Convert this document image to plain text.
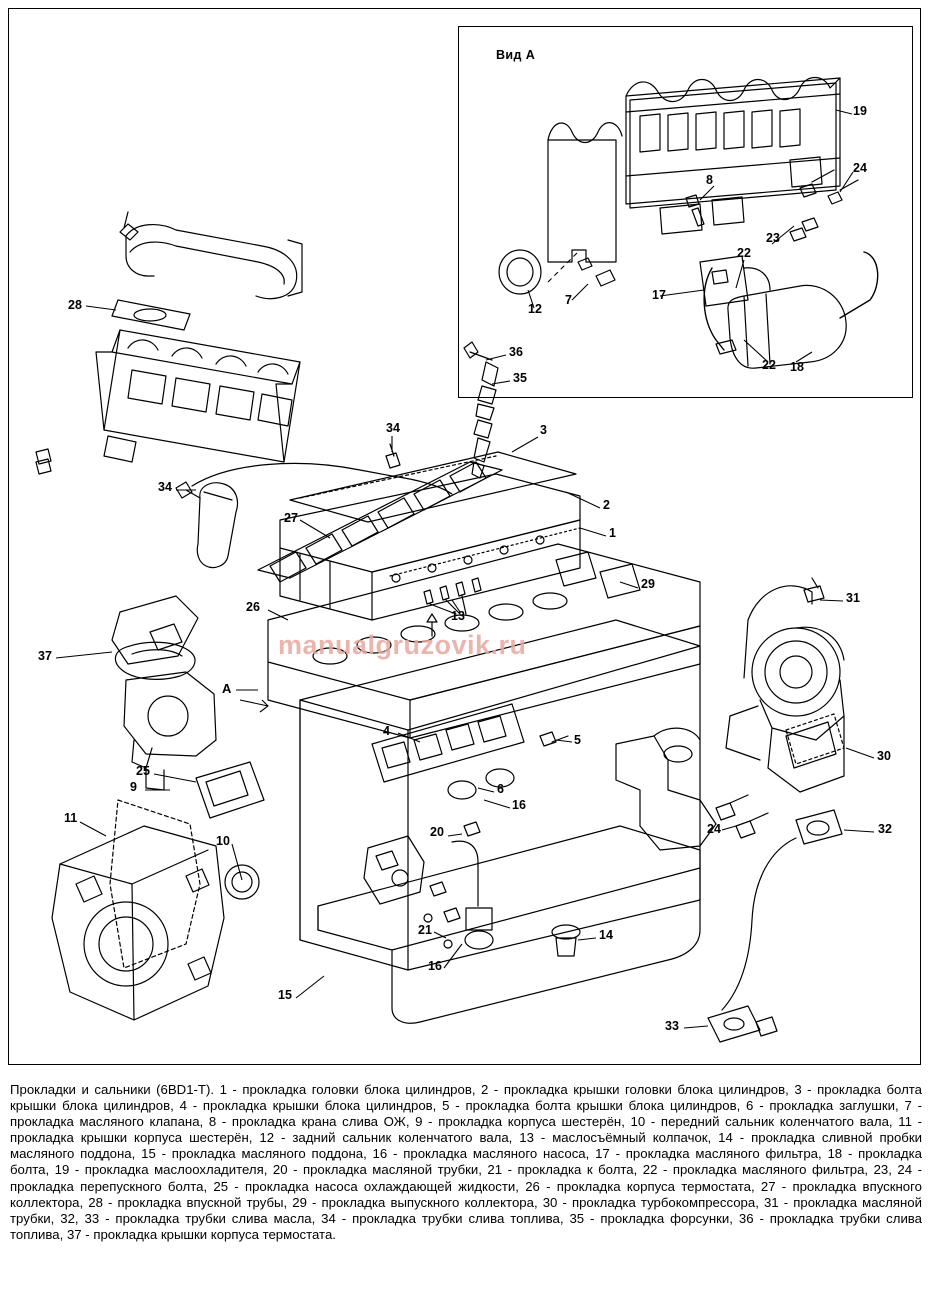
Вид А
manualgruzovik.ru
28
36
35
34	3
34
27
2
1
29
13
26
31
37
A
4
5
30
25
6
16
9
24	32
11
10
20
21	14
16
15
33
19
24
8
23
22
12
7	17
22 18
Прокладки и сальники (6BD1-T). 1 - прокладка головки блока цилиндров, 2 - прокладка крышки головки блока цилиндров, 3 - прокладка болта крышки блока цилиндров, 4 - прокладка крышки блока цилиндров, 5 - прокладка болта крышки блока цилиндров, 6 - прокладка заглушки, 7 - прокладка масляного клапана, 8 - прокладка крана слива ОЖ, 9 - прокладка корпуса шестерён, 10 - передний сальник коленчатого вала, 11 - прокладка крышки корпуса шестерён, 12 - задний сальник коленчатого вала, 13 - маслосъёмный колпачок, 14 - прокладка сливной пробки масляного поддона, 15 - прокладка масляного поддона, 16 - прокладка масляного насоса, 17 - прокладка масляного фильтра, 18 - прокладка болта, 19 - прокладка маслоохладителя, 20 - прокладка масляной трубки, 21 - прокладка к болта, 22 - прокладка масляного фильтра, 23, 24 - прокладка перепускного болта, 25 - прокладка насоса охлаждающей жидкости, 26 - прокладка корпуса термостата, 27 - прокладка впускного коллектора, 28 - прокладка впускной трубы, 29 - прокладка выпускного коллектора, 30 - прокладка турбокомпрессора, 31 - прокладка масляной трубки, 32, 33 - прокладка трубки слива масла, 34 - прокладка трубки слива топлива, 35 - прокладка форсунки, 36 - прокладка трубки слива топлива, 37 - прокладка крышки корпуса термостата.
